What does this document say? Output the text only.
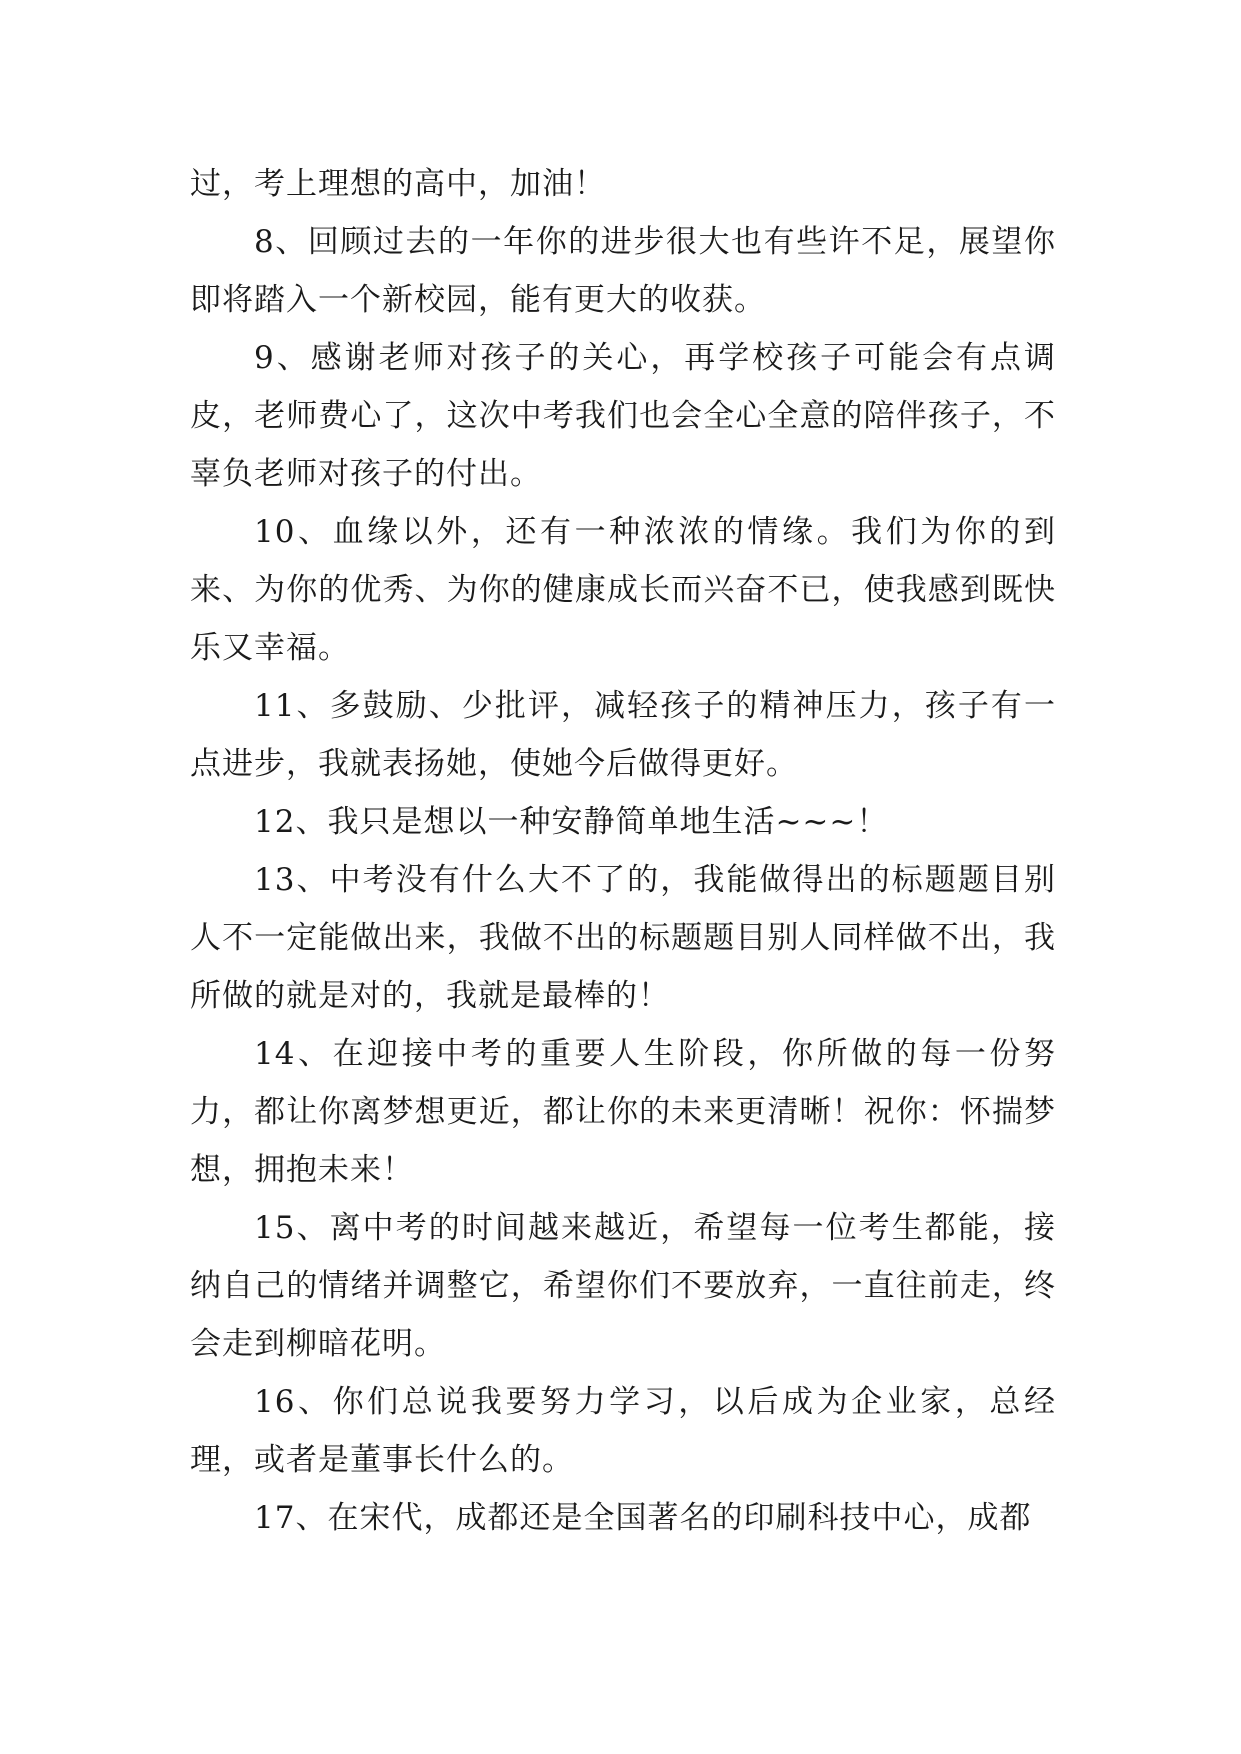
过，考上理想的高中，加油！

8、回顾过去的一年你的进步很大也有些许不足，展望你即将踏入一个新校园，能有更大的收获。

9、感谢老师对孩子的关心，再学校孩子可能会有点调皮，老师费心了，这次中考我们也会全心全意的陪伴孩子，不辜负老师对孩子的付出。

10、血缘以外，还有一种浓浓的情缘。我们为你的到来、为你的优秀、为你的健康成长而兴奋不已，使我感到既快乐又幸福。

11、多鼓励、少批评，减轻孩子的精神压力，孩子有一点进步，我就表扬她，使她今后做得更好。

12、我只是想以一种安静简单地生活~~~！

13、中考没有什么大不了的，我能做得出的标题题目别人不一定能做出来，我做不出的标题题目别人同样做不出，我所做的就是对的，我就是最棒的！

14、在迎接中考的重要人生阶段，你所做的每一份努力，都让你离梦想更近，都让你的未来更清晰！祝你：怀揣梦想，拥抱未来！

15、离中考的时间越来越近，希望每一位考生都能，接纳自己的情绪并调整它，希望你们不要放弃，一直往前走，终会走到柳暗花明。

16、你们总说我要努力学习，以后成为企业家，总经理，或者是董事长什么的。

17、在宋代，成都还是全国著名的印刷科技中心，成都
